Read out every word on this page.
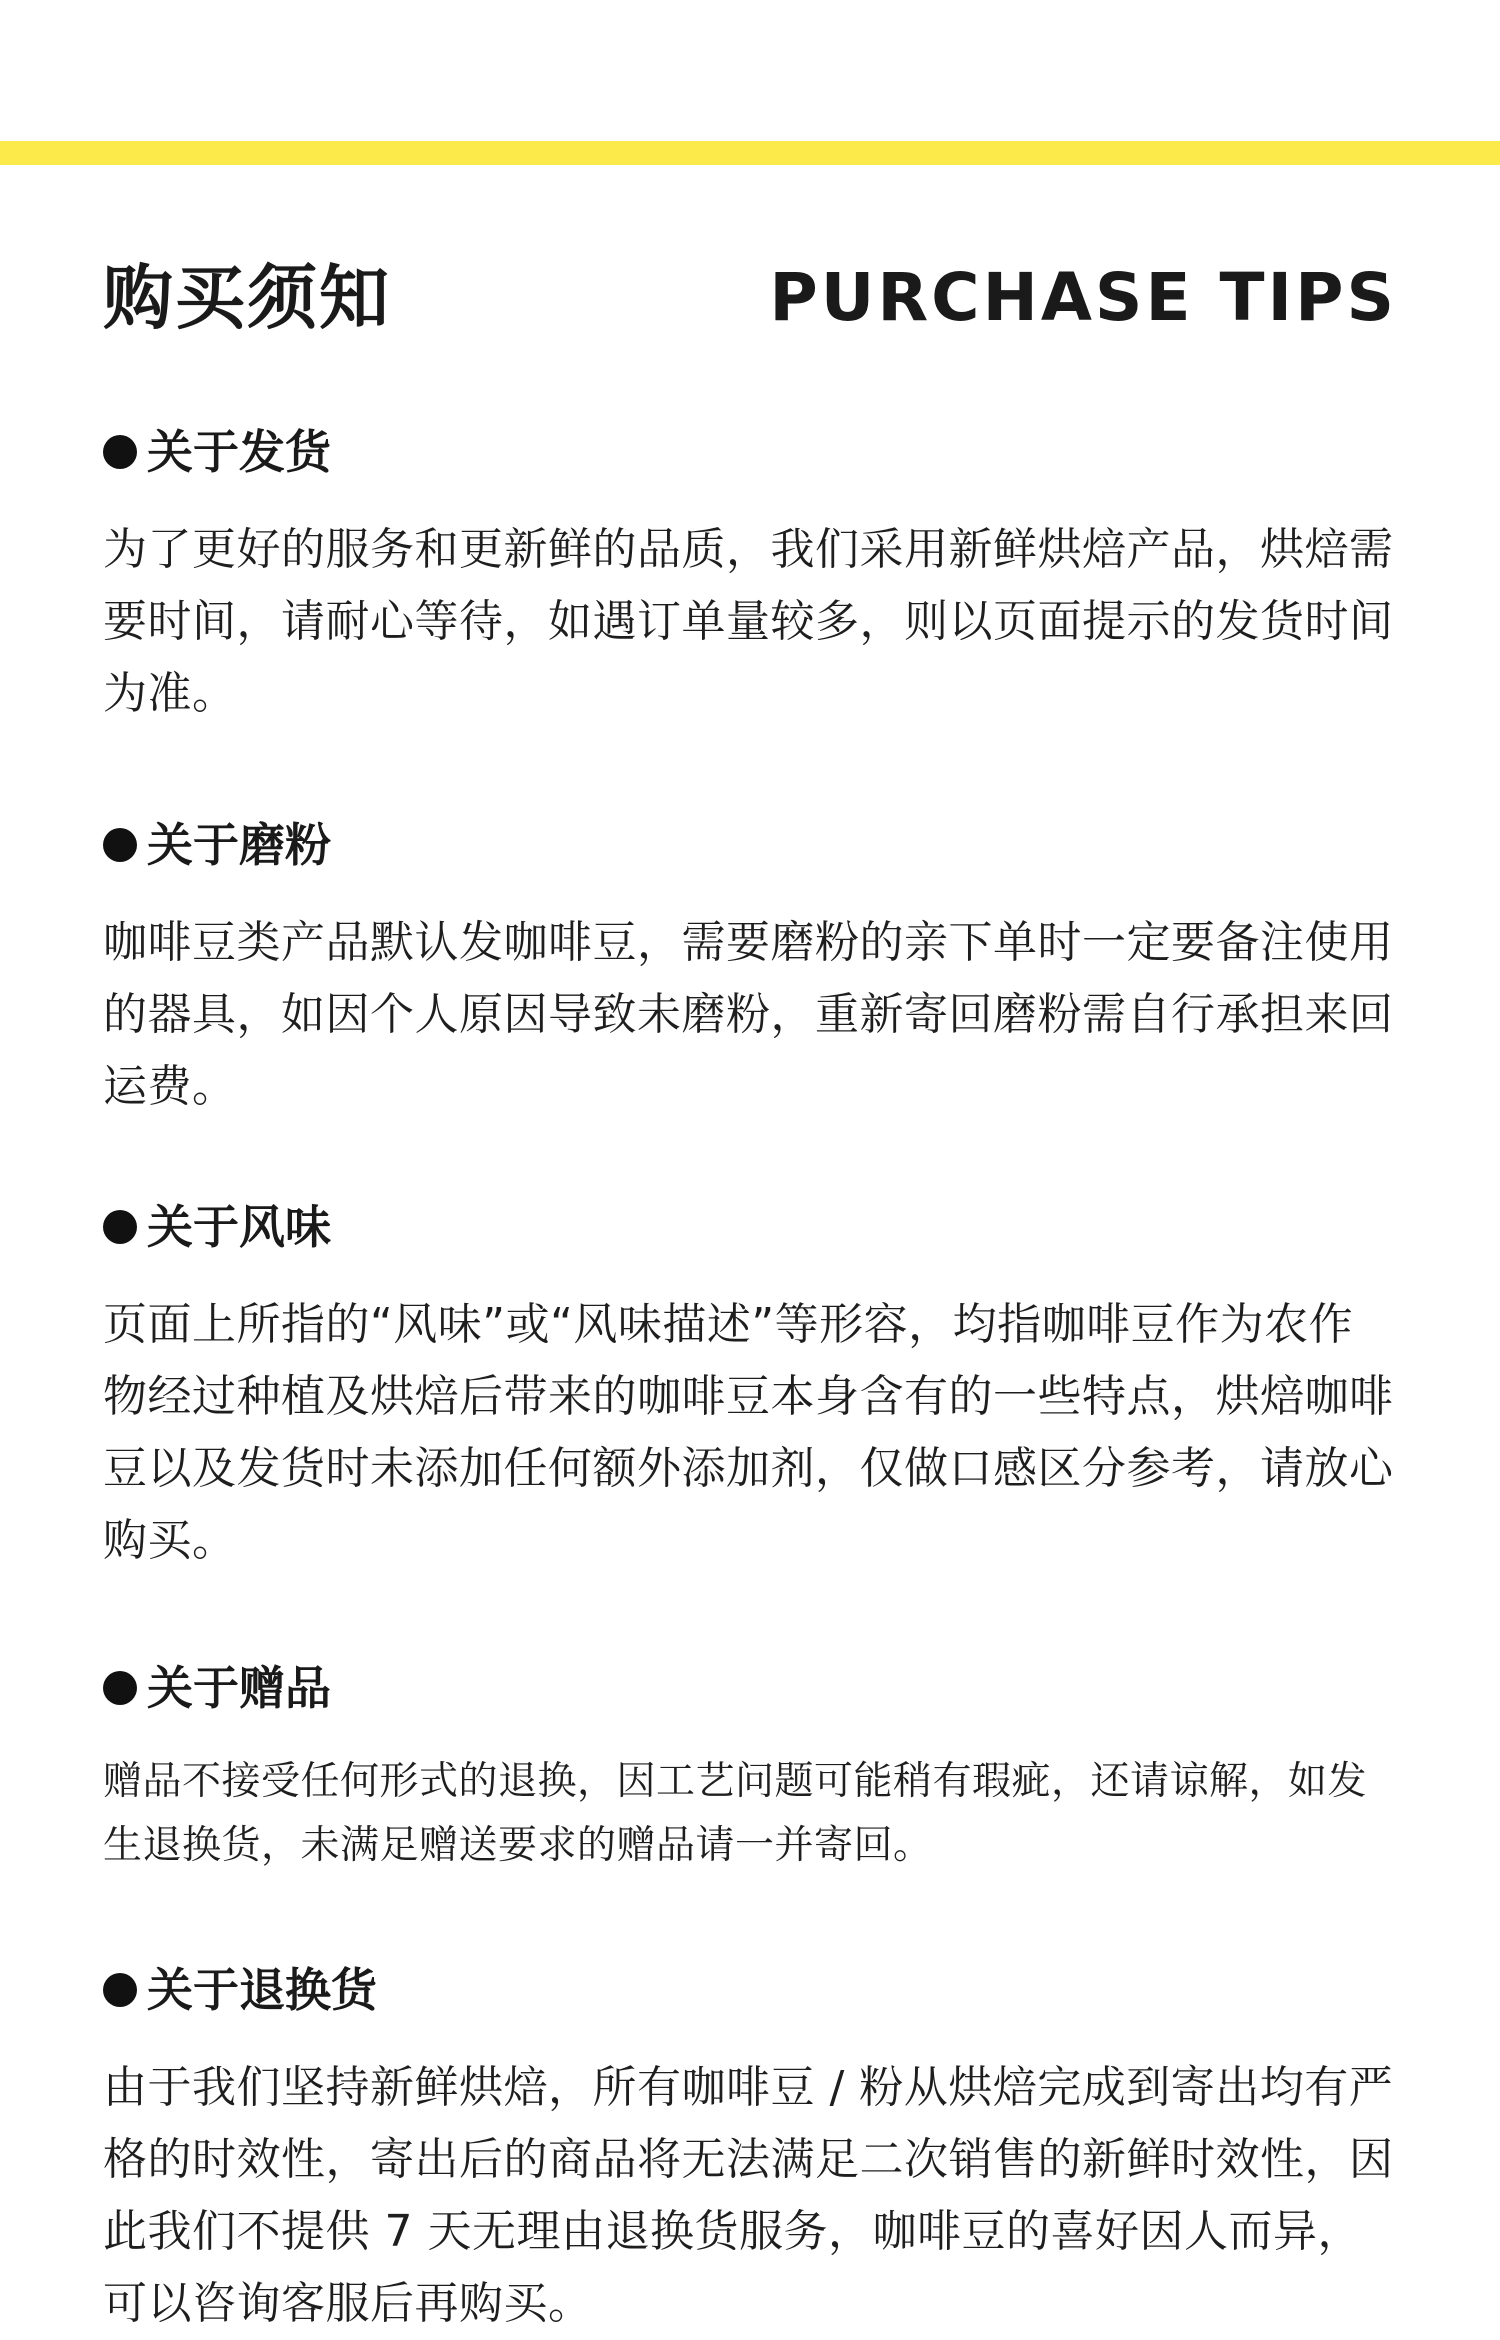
购买须知	PURCHASE TIPS
关于发货
为了更好的服务和更新鲜的品质，我们采用新鲜烘焙产品，烘焙需要时间，请耐心等待，如遇订单量较多，则以页面提示的发货时间为准。
关于磨粉
咖啡豆类产品默认发咖啡豆，需要磨粉的亲下单时一定要备注使用的器具，如因个人原因导致未磨粉，重新寄回磨粉需自行承担来回运费。
关于风味
页面上所指的“风味”或“风味描述”等形容，均指咖啡豆作为农作物经过种植及烘焙后带来的咖啡豆本身含有的一些特点，烘焙咖啡豆以及发货时未添加任何额外添加剂，仅做口感区分参考，请放心购买。
关于赠品
赠品不接受任何形式的退换，因工艺问题可能稍有瑕疵，还请谅解，如发生退换货，未满足赠送要求的赠品请一并寄回。
关于退换货
由于我们坚持新鲜烘焙，所有咖啡豆 / 粉从烘焙完成到寄出均有严格的时效性，寄出后的商品将无法满足二次销售的新鲜时效性，因此我们不提供 7 天无理由退换货服务，咖啡豆的喜好因人而异，可以咨询客服后再购买。
